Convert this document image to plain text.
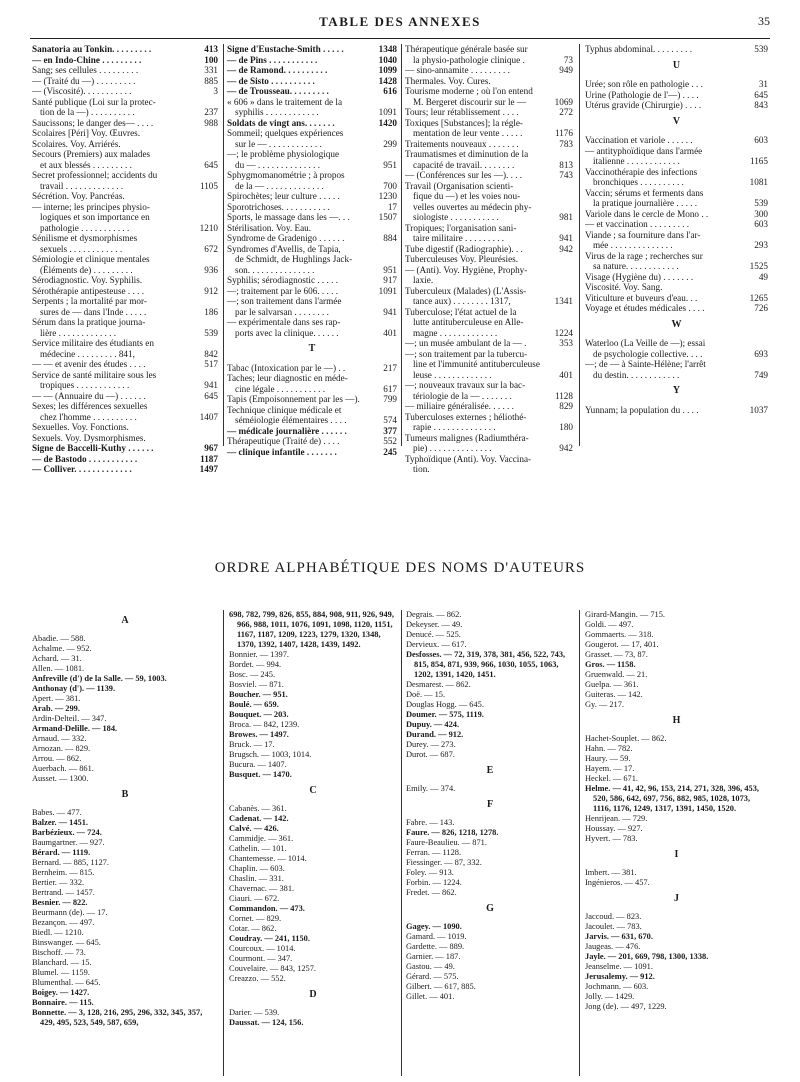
TABLE DES ANNEXES	35
413
Sanatoria au Tonkin. . . . . . . . .
100
— en Indo-Chine . . . . . . . . .
331
Sang; ses cellules . . . . . . . . .
885
— (Traité du —) . . . . . . . . .
3
— (Viscosité). . . . . . . . . . .
Santé publique (Loi sur la protec-
237
tion de la —) . . . . . . . . . .
988
Saucissons; le danger des— . . . .
Scolaires [Péri] Voy. Œuvres.
Scolaires. Voy. Arriérés.
Secours (Premiers) aux malades
645
et aux blessés . . . . . . . . .
Secret professionnel; accidents du
1105
travail . . . . . . . . . . . . .
Sécrétion. Voy. Pancréas.
— interne; les principes physio-
logiques et son importance en
1210
pathologie . . . . . . . . . . .
Sénilisme et dysmorphismes
672
sexuels . . . . . . . . . . . .
Sémiologie et clinique mentales
936
(Éléments de) . . . . . . . . .
Sérodiagnostic. Voy. Syphilis.
912
Sérothérapie antipesteuse . . . .
Serpents ; la mortalité par mor-
186
sures de — dans l'Inde . . . . .
Sérum dans la pratique journa-
539
lière . . . . . . . . . . . . .
Service militaire des étudiants en
842
médecine . . . . . . . . . 841,
517
— — et avenir des études . . . .
Service de santé militaire sous les
941
tropiques . . . . . . . . . . . .
645
— — (Annuaire du —) . . . . . .
Sexes; les différences sexuelles
1407
chez l'homme . . . . . . . . . .
Sexuelles. Voy. Fonctions.
Sexuels. Voy. Dysmorphismes.
967
Signe de Baccelli-Kuthy . . . . . .
1187
— de Bastodo . . . . . . . . . . .
1497
— Colliver. . . . . . . . . . . . .
1348
Signe d'Eustache-Smith . . . . .
1040
— de Pins . . . . . . . . . . .
1099
— de Ramond. . . . . . . . . .
1428
— de Sisto . . . . . . . . . .
616
— de Trousseau. . . . . . . . .
« 606 » dans le traitement de la
1091
syphilis . . . . . . . . . . . .
1420
Soldats de vingt ans. . . . . . .
Sommeil; quelques expériences
299
sur le — . . . . . . . . . . . .
—; le problème physiologique
951
du — . . . . . . . . . . . . . .
Sphygmomanométrie ; à propos
700
de la — . . . . . . . . . . . . .
1230
Spirochètes; leur culture . . . . .
17
Sporotrichoses. . . . . . . . . . .
1507
Sports, le massage dans les —. . .
Stérilisation. Voy. Eau.
884
Syndrome de Gradenigo . . . . . .
Syndromes d'Avellis, de Tapia,
de Schmidt, de Hughlings Jack-
951
son. . . . . . . . . . . . . . .
917
Syphilis; sérodiagnostic . . . . .
1091
—; traitement par le 606. . . . .
—; son traitement dans l'armée
941
par le salvarsan . . . . . . . .
— expérimentale dans ses rap-
401
ports avec la clinique. . . . . .
T
217
Tabac (Intoxication par le —) . .
Taches; leur diagnostic en méde-
617
cine légale . . . . . . . . . . .
799
Tapis (Empoisonnement par les —).
Technique clinique médicale et
574
séméiologie élémentaires . . . .
377
— médicale journalière . . . . . .
552
Thérapeutique (Traité de) . . . .
245
— clinique infantile . . . . . . .
Thérapeutique générale basée sur
73
la physio-pathologie clinique .
949
— sino-annamite . . . . . . . . .
Thermales. Voy. Cures.
Tourisme moderne ; où l'on entend
1069
M. Bergeret discourir sur le —
272
Tours; leur rétablissement . . . .
Toxiques [Substances]; la régle-
1176
mentation de leur vente . . . . .
783
Traitements nouveaux . . . . . . .
Traumatismes et diminution de la
813
capacité de travail. . . . . . . .
743
— (Conférences sur les —). . . .
Travail (Organisation scienti-
fique du —) et les voies nou-
velles ouvertes au médecin phy-
981
siologiste . . . . . . . . . . .
Tropiques; l'organisation sani-
941
taire militaire . . . . . . . . .
942
Tube digestif (Radiographie). . .
Tuberculeuses Voy. Pleurésies.
— (Anti). Voy. Hygiène, Prophy-
laxie.
Tuberculeux (Malades) (L'Assis-
1341
tance aux) . . . . . . . . 1317,
Tuberculose; l'état actuel de la
lutte antituberculeuse en Alle-
1224
magne . . . . . . . . . . . . .
353
—; un musée ambulant de la — .
—; son traitement par la tubercu-
line et l'immunité antituberculeuse
401
leuse . . . . . . . . . . . . .
—; nouveaux travaux sur la bac-
1128
tériologie de la — . . . . . . .
829
— miliaire généralisée. . . . . .
Tuberculoses externes ; héliothé-
180
rapie . . . . . . . . . . . . . .
Tumeurs malignes (Radiumthéra-
942
pie) . . . . . . . . . . . . . .
Typhoïdique (Anti). Voy. Vaccina-
tion.
539
Typhus abdominal. . . . . . . . .
U
31
Urée; son rôle en pathologie . . .
645
Urine (Pathologie de l'—) . . . .
843
Utérus gravide (Chirurgie) . . . .
V
603
Vaccination et variole . . . . . .
— antityphoïdique dans l'armée
1165
italienne . . . . . . . . . . . .
Vaccinothérapie des infections
1081
bronchiques . . . . . . . . . .
Vaccin; sérums et ferments dans
539
la pratique journalière . . . . .
300
Variole dans le cercle de Mono . .
603
— et vaccination . . . . . . . . .
Viande ; sa fourniture dans l'ar-
293
mée . . . . . . . . . . . . . .
Virus de la rage ; recherches sur
1525
sa nature. . . . . . . . . . . .
49
Visage (Hygiène du) . . . . . . .
Viscosité. Voy. Sang.
1265
Viticulture et buveurs d'eau. . .
726
Voyage et études médicales . . . .
W
Waterloo (La Veille de —); essai
693
de psychologie collective. . . .
—; de — à Sainte-Hélène; l'arrêt
749
du destin. . . . . . . . . . . .
Y
1037
Yunnam; la population du . . . .
ORDRE ALPHABÉTIQUE DES NOMS D'AUTEURS
A
Abadie. — 588.
Achalme. — 952.
Achard. — 31.
Allen. — 1081.
Anfreville (d') de la Salle. — 59, 1003.
Anthonay (d'). — 1139.
Apert. — 381.
Arab. — 299.
Ardin-Delteil. — 347.
Armand-Delille. — 184.
Arnaud. — 332.
Arnozan. — 829.
Arrou. — 862.
Auerbach. — 861.
Ausset. — 1300.
B
Babes. — 477.
Balzer. — 1451.
Barbézieux. — 724.
Baumgartner. — 927.
Bérard. — 1119.
Bernard. — 885, 1127.
Bernheim. — 815.
Bertier. — 332.
Bertrand. — 1457.
Besnier. — 822.
Beurmann (de). — 17.
Bezançon. — 497.
Biedl. — 1210.
Binswanger. — 645.
Bischoff. — 73.
Blanchard. — 15.
Blumel. — 1159.
Blumenthal. — 645.
Boigey. — 1427.
Bonnaire. — 115.
Bonnette. — 3, 128, 216, 295, 296, 332, 345, 357, 429, 495, 523, 549, 587, 659,
698, 782, 799, 826, 855, 884, 908, 911, 926, 949, 966, 988, 1011, 1076, 1091, 1098, 1120, 1151, 1167, 1187, 1209, 1223, 1279, 1320, 1348, 1370, 1392, 1407, 1428, 1439, 1492.
Bonnier. — 1397.
Bordet. — 994.
Bosc. — 245.
Bosviel. — 871.
Boucher. — 951.
Boulé. — 659.
Bouquet. — 203.
Broca. — 842, 1239.
Browes. — 1497.
Bruck. — 17.
Brugsch. — 1003, 1014.
Bucura. — 1407.
Busquet. — 1470.
C
Cabanès. — 361.
Cadenat. — 142.
Calvé. — 426.
Cammidje. — 361.
Cathelin. — 101.
Chantemesse. — 1014.
Chaplin. — 603.
Chaslin. — 331.
Chavernac. — 381.
Ciauri. — 672.
Commandon. — 473.
Cornet. — 829.
Cotar. — 862.
Coudray. — 241, 1150.
Courcoux. — 1014.
Courmont. — 347.
Couvelaire. — 843, 1257.
Creazzo. — 552.
D
Darier. — 539.
Daussat. — 124, 156.
Degrais. — 862.
Dekeyser. — 49.
Denucé. — 525.
Dervieux. — 617.
Desfosses. — 72, 319, 378, 381, 456, 522, 743, 815, 854, 871, 939, 966, 1030, 1055, 1063, 1202, 1391, 1420, 1451.
Desmarest. — 862.
Doë. — 15.
Douglas Hogg. — 645.
Doumer. — 575, 1119.
Dupuy. — 424.
Durand. — 912.
Durey. — 273.
Durot. — 687.
E
Emily. — 374.
F
Fabre. — 143.
Faure. — 826, 1218, 1278.
Faure-Beaulieu. — 871.
Ferran. — 1128.
Fiessinger. — 87, 332.
Foley. — 913.
Forbin. — 1224.
Fredet. — 862.
G
Gagey. — 1090.
Gamard. — 1019.
Gardette. — 889.
Garnier. — 187.
Gastou. — 49.
Gérard. — 575.
Gilbert. — 617, 885.
Gillet. — 401.
Girard-Mangin. — 715.
Goldi. — 497.
Gommaerts. — 318.
Gougerot. — 17, 401.
Grasset. — 73, 87.
Gros. — 1158.
Gruenwald. — 21.
Guelpa. — 361.
Guiteras. — 142.
Gy. — 217.
H
Hachet-Souplet. — 862.
Hahn. — 782.
Haury. — 59.
Hayem. — 17.
Heckel. — 671.
Helme. — 41, 42, 96, 153, 214, 271, 328, 396, 453, 520, 586, 642, 697, 756, 882, 985, 1028, 1073, 1116, 1176, 1249, 1317, 1391, 1450, 1520.
Henrijean. — 729.
Houssay. — 927.
Hyvert. — 783.
I
Imbert. — 381.
Ingénieros. — 457.
J
Jaccoud. — 823.
Jacoulet. — 783.
Jarvis. — 631, 670.
Jaugeas. — 476.
Jayle. — 201, 669, 798, 1300, 1338.
Jeanselme. — 1091.
Jerusalemy. — 912.
Jochmann. — 603.
Jolly. — 1429.
Jong (de). — 497, 1229.
